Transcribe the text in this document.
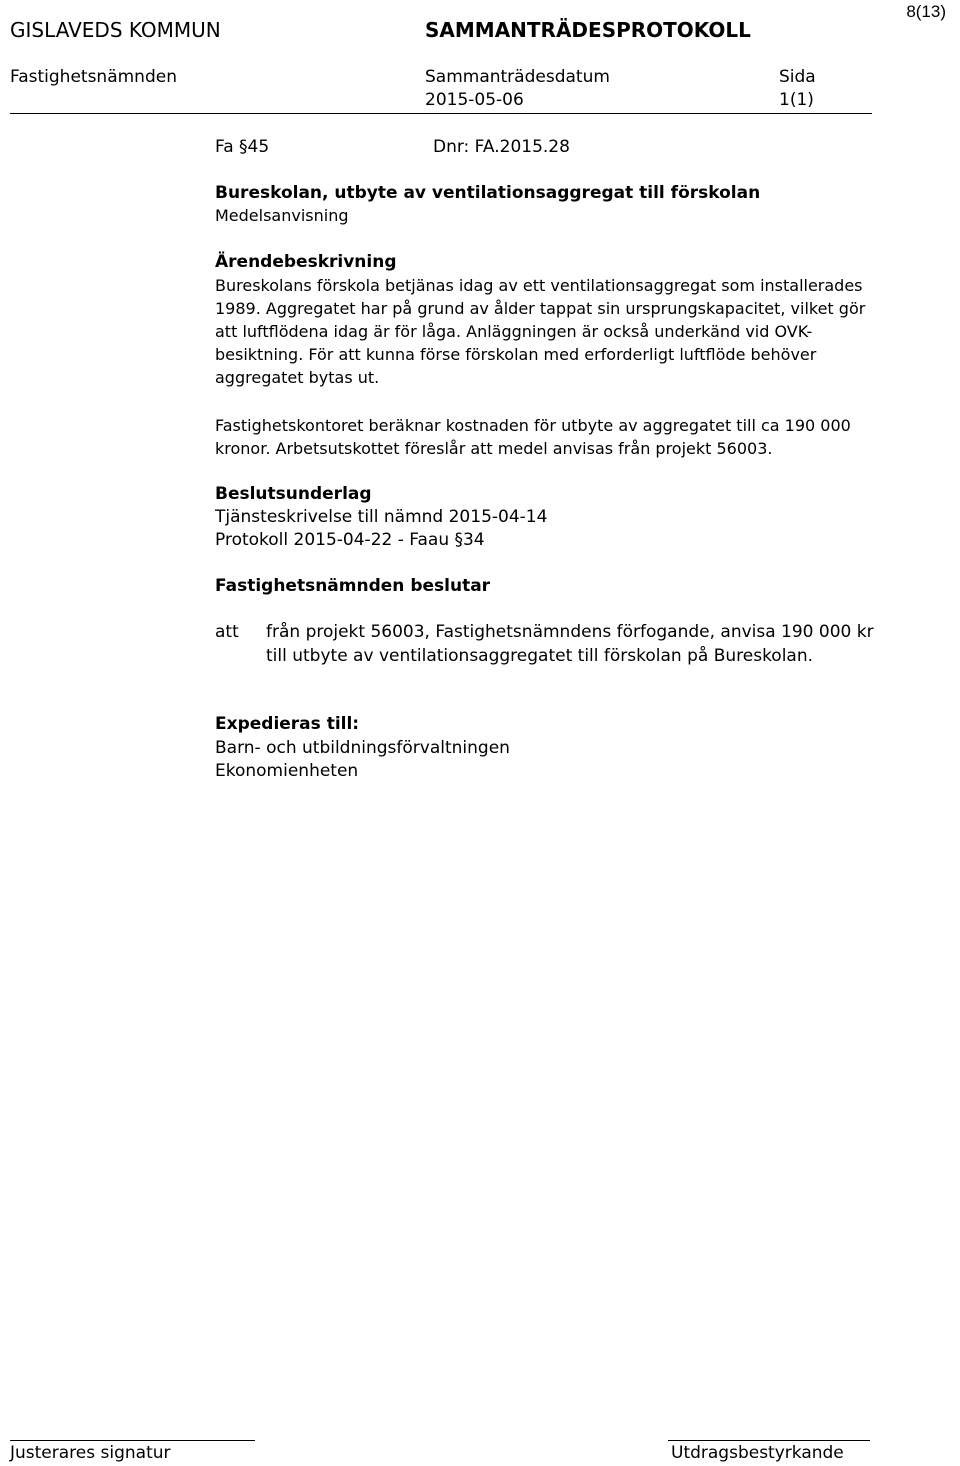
8(13)
GISLAVEDS KOMMUN	SAMMANTRÄDESPROTOKOLL
Fastighetsnämnden	Sammanträdesdatum
2015-05-06
Sida
1(1)
Fa §45	Dnr: FA.2015.28
Bureskolan, utbyte av ventilationsaggregat till förskolan
Medelsanvisning
Ärendebeskrivning
Bureskolans förskola betjänas idag av ett ventilationsaggregat som installerades
1989. Aggregatet har på grund av ålder tappat sin ursprungskapacitet, vilket gör
att luftflödena idag är för låga. Anläggningen är också underkänd vid OVK-
besiktning. För att kunna förse förskolan med erforderligt luftflöde behöver
aggregatet bytas ut.
Fastighetskontoret beräknar kostnaden för utbyte av aggregatet till ca 190 000
kronor. Arbetsutskottet föreslår att medel anvisas från projekt 56003.
Beslutsunderlag
Tjänsteskrivelse till nämnd 2015-04-14
Protokoll 2015-04-22 - Faau §34
Fastighetsnämnden beslutar
att från projekt 56003, Fastighetsnämndens förfogande, anvisa 190 000 kr
till utbyte av ventilationsaggregatet till förskolan på Bureskolan.
Expedieras till:
Barn- och utbildningsförvaltningen
Ekonomienheten
Justerares signatur	Utdragsbestyrkande
